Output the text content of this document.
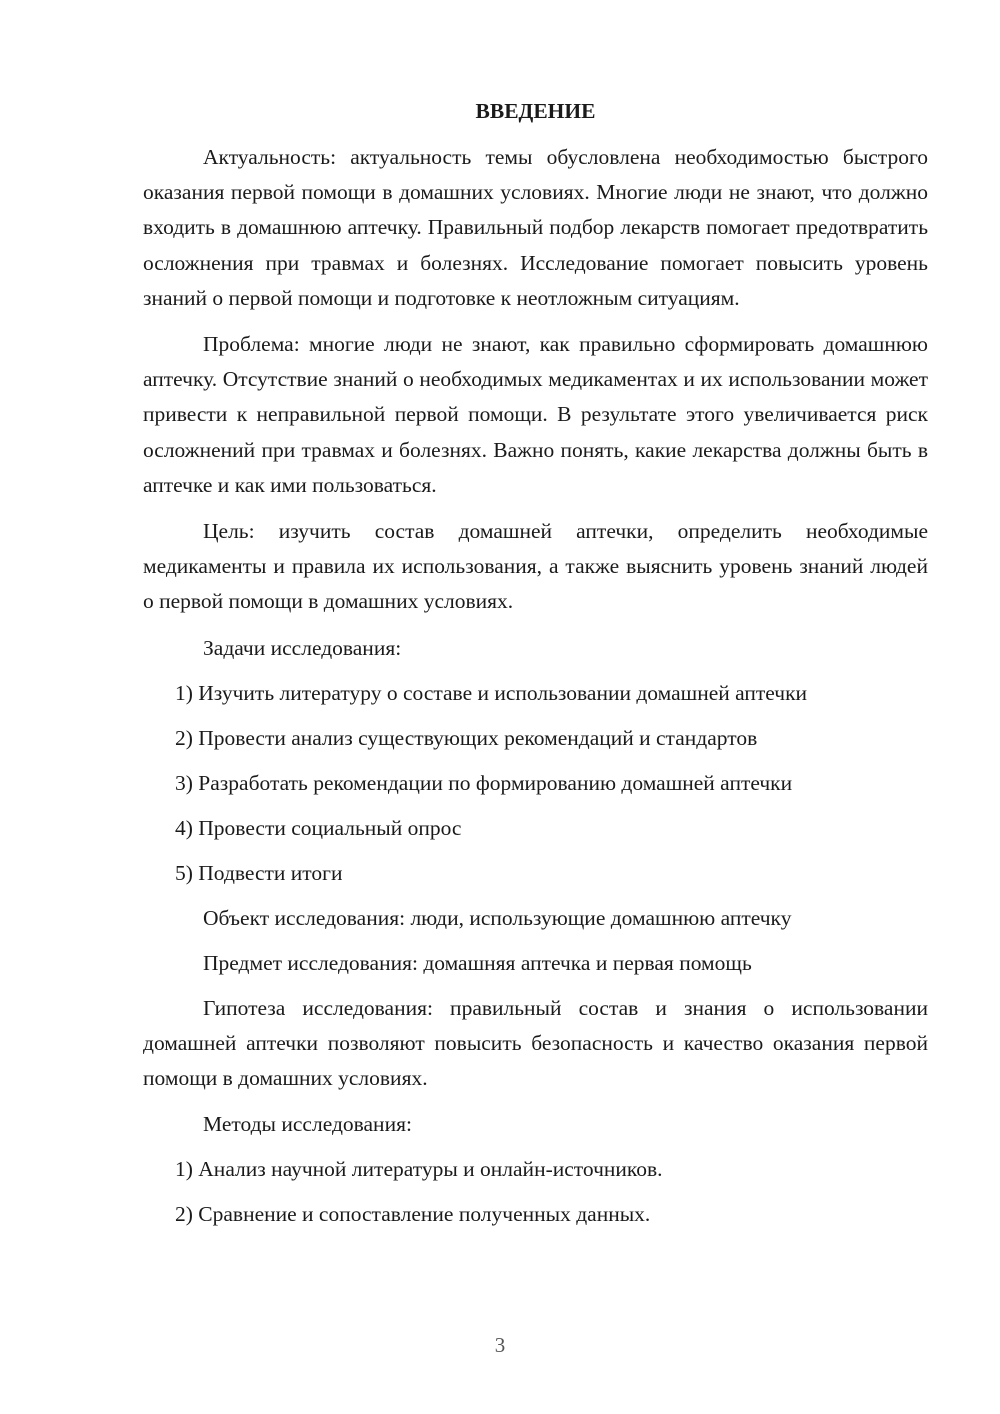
ВВЕДЕНИЕ
Актуальность: актуальность темы обусловлена необходимостью быстрого оказания первой помощи в домашних условиях. Многие люди не знают, что должно входить в домашнюю аптечку. Правильный подбор лекарств помогает предотвратить осложнения при травмах и болезнях. Исследование помогает повысить уровень знаний о первой помощи и подготовке к неотложным ситуациям.
Проблема: многие люди не знают, как правильно сформировать домашнюю аптечку. Отсутствие знаний о необходимых медикаментах и их использовании может привести к неправильной первой помощи. В результате этого увеличивается риск осложнений при травмах и болезнях. Важно понять, какие лекарства должны быть в аптечке и как ими пользоваться.
Цель: изучить состав домашней аптечки, определить необходимые медикаменты и правила их использования, а также выяснить уровень знаний людей о первой помощи в домашних условиях.
Задачи исследования:
1) Изучить литературу о составе и использовании домашней аптечки
2) Провести анализ существующих рекомендаций и стандартов
3) Разработать рекомендации по формированию домашней аптечки
4) Провести социальный опрос
5) Подвести итоги
Объект исследования: люди, использующие домашнюю аптечку
Предмет исследования: домашняя аптечка и первая помощь
Гипотеза исследования: правильный состав и знания о использовании домашней аптечки позволяют повысить безопасность и качество оказания первой помощи в домашних условиях.
Методы исследования:
1) Анализ научной литературы и онлайн-источников.
2) Сравнение и сопоставление полученных данных.
3
